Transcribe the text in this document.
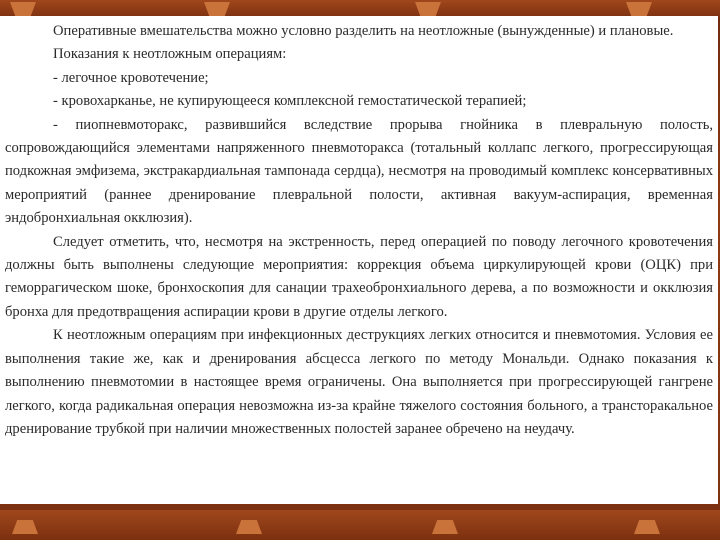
Оперативные вмешательства можно условно разделить на неотложные (вынужденные) и плановые.

Показания к неотложным операциям:

- легочное кровотечение;

- кровохарканье, не купирующееся комплексной гемостатической терапией;

- пиопневмоторакс, развившийся вследствие прорыва гнойника в плевральную полость, сопровождающийся элементами напряженного пневмоторакса (тотальный коллапс легкого, прогрессирующая подкожная эмфизема, экстракардиальная тампонада сердца), несмотря на проводимый комплекс консервативных мероприятий (раннее дренирование плевральной полости, активная вакуум-аспирация, временная эндобронхиальная окклюзия).

Следует отметить, что, несмотря на экстренность, перед операцией по поводу легочного кровотечения должны быть выполнены следующие мероприятия: коррекция объема циркулирующей крови (ОЦК) при геморрагическом шоке, бронхоскопия для санации трахеобронхиального дерева, а по возможности и окклюзия бронха для предотвращения аспирации крови в другие отделы легкого.

К неотложным операциям при инфекционных деструкциях легких относится и пневмотомия. Условия ее выполнения такие же, как и дренирования абсцесса легкого по методу Мональди. Однако показания к выполнению пневмотомии в настоящее время ограничены. Она выполняется при прогрессирующей гангрене легкого, когда радикальная операция невозможна из-за крайне тяжелого состояния больного, а трансторакальное дренирование трубкой при наличии множественных полостей заранее обречено на неудачу.
